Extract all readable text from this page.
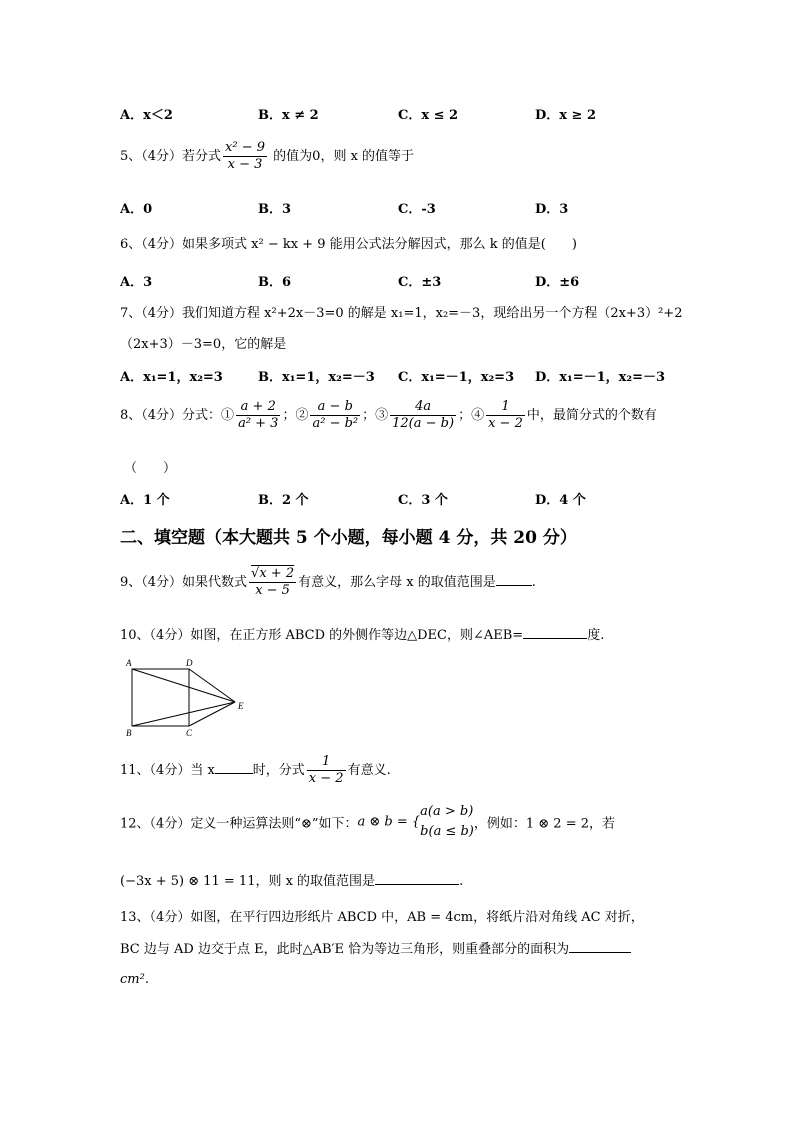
A．x＜2	B．x ≠ 2	C．x ≤ 2	D．x ≥ 2
5、（4分）若分式 $\frac{\text{x² − 9}}{x - 3}$ 的值为0，则 x 的值等于
A．0	B．3	C．-3	D．3
6、（4分）如果多项式 x² − kx + 9 能用公式法分解因式，那么 k 的值是(　　)
A．3	B．6	C．±3	D．±6
7、（4分）我们知道方程 x²+2x－3=0 的解是 x₁=1，x₂=－3，现给出另一个方程（2x+3）²+2
（2x+3）－3=0，它的解是
A．x₁=1，x₂=3	B．x₁=1，x₂=－3 C．x₁=－1，x₂=3 D．x₁=－1，x₂=－3
8、（4分）分式：① $\frac{a + 2}{\text{a² + 3}}$ ；② $\frac{a - b}{\text{a² − b²}}$ ；③ $\frac{4a}{12(a - b)}$ ；④ $\frac{1}{x - 2}$ 中，最简分式的个数有
（　　）
A．1 个	B．2 个	C．3 个	D．4 个
二、填空题（本大题共 5 个小题，每小题 4 分，共 20 分）
9、（4分）如果代数式 $\frac{√x + 2}{x - 5}$ 有意义，那么字母 x 的取值范围是	.
10、（4分）如图，在正方形 ABCD 的外侧作等边△DEC，则∠AEB=	度.
A	D
E
B	C
11、（4分）当 x	时，分式 $\frac{1}{x - 2}$ 有意义.
12、（4分）定义一种运算法则“⊗”如下：a ⊗ b = {
a(a > b)
b(a ≤ b) ，例如：1 ⊗ 2 = 2，若
(−3x + 5) ⊗ 11 = 11，则 x 的取值范围是	.
13、（4分）如图，在平行四边形纸片 ABCD 中，AB = 4cm，将纸片沿对角线 AC 对折，
BC 边与 AD 边交于点 E，此时△AB′E 恰为等边三角形，则重叠部分的面积为
cm².
